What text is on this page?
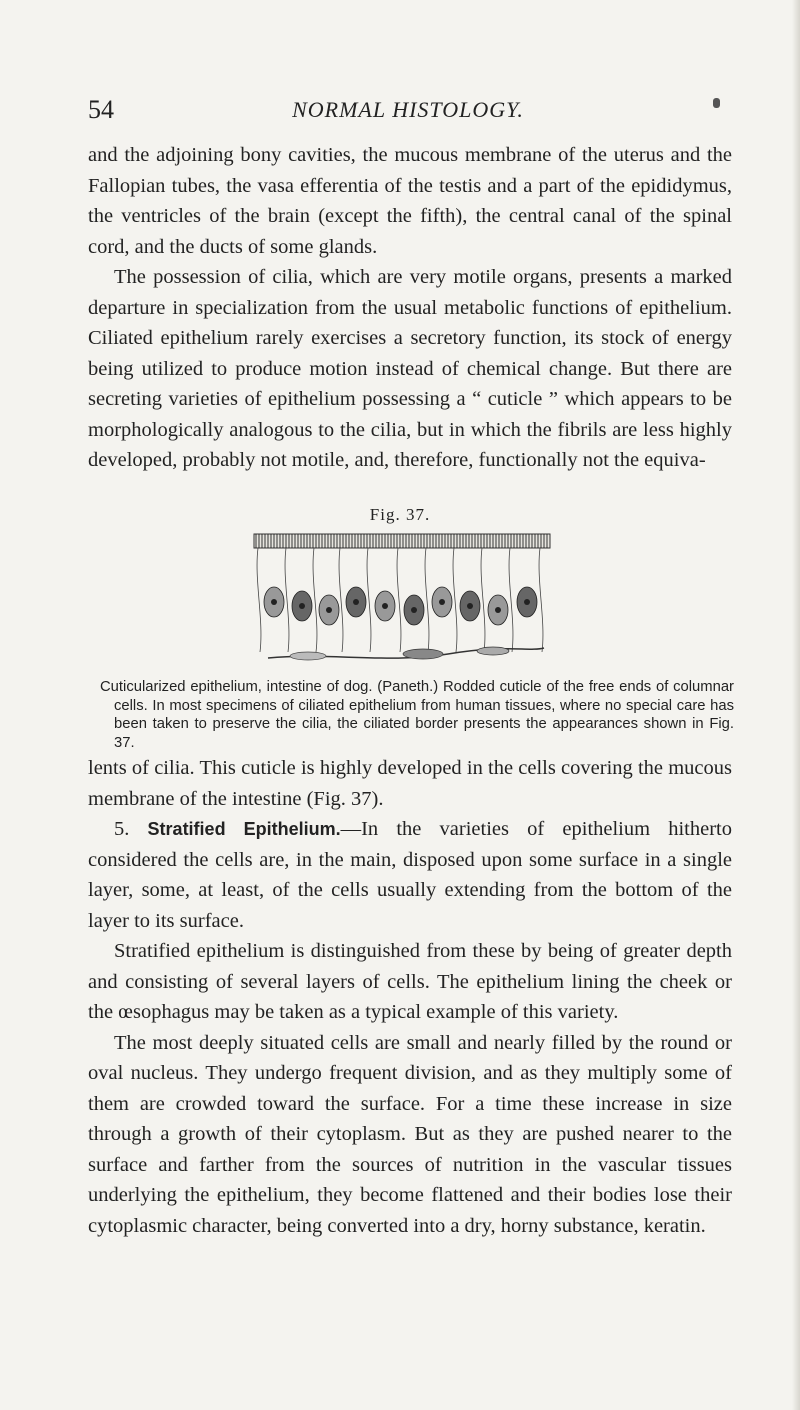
54	NORMAL HISTOLOGY.

and the adjoining bony cavities, the mucous membrane of the uterus and the Fallopian tubes, the vasa efferentia of the testis and a part of the epididymus, the ventricles of the brain (except the fifth), the central canal of the spinal cord, and the ducts of some glands.

The possession of cilia, which are very motile organs, presents a marked departure in specialization from the usual metabolic functions of epithelium. Ciliated epithelium rarely exercises a secretory function, its stock of energy being utilized to produce motion instead of chemical change. But there are secreting varieties of epithelium possessing a “ cuticle ” which appears to be morphologically analogous to the cilia, but in which the fibrils are less highly developed, probably not motile, and, therefore, functionally not the equiva-

Fig. 37.
Cuticularized epithelium, intestine of dog. (Paneth.) Rodded cuticle of the free ends of columnar cells. In most specimens of ciliated epithelium from human tissues, where no special care has been taken to preserve the cilia, the ciliated border presents the appearances shown in Fig. 37.

lents of cilia. This cuticle is highly developed in the cells covering the mucous membrane of the intestine (Fig. 37).

5. Stratified Epithelium.—In the varieties of epithelium hitherto considered the cells are, in the main, disposed upon some surface in a single layer, some, at least, of the cells usually extending from the bottom of the layer to its surface.

Stratified epithelium is distinguished from these by being of greater depth and consisting of several layers of cells. The epithelium lining the cheek or the œsophagus may be taken as a typical example of this variety.

The most deeply situated cells are small and nearly filled by the round or oval nucleus. They undergo frequent division, and as they multiply some of them are crowded toward the surface. For a time these increase in size through a growth of their cytoplasm. But as they are pushed nearer to the surface and farther from the sources of nutrition in the vascular tissues underlying the epithelium, they become flattened and their bodies lose their cytoplasmic character, being converted into a dry, horny substance, keratin.
